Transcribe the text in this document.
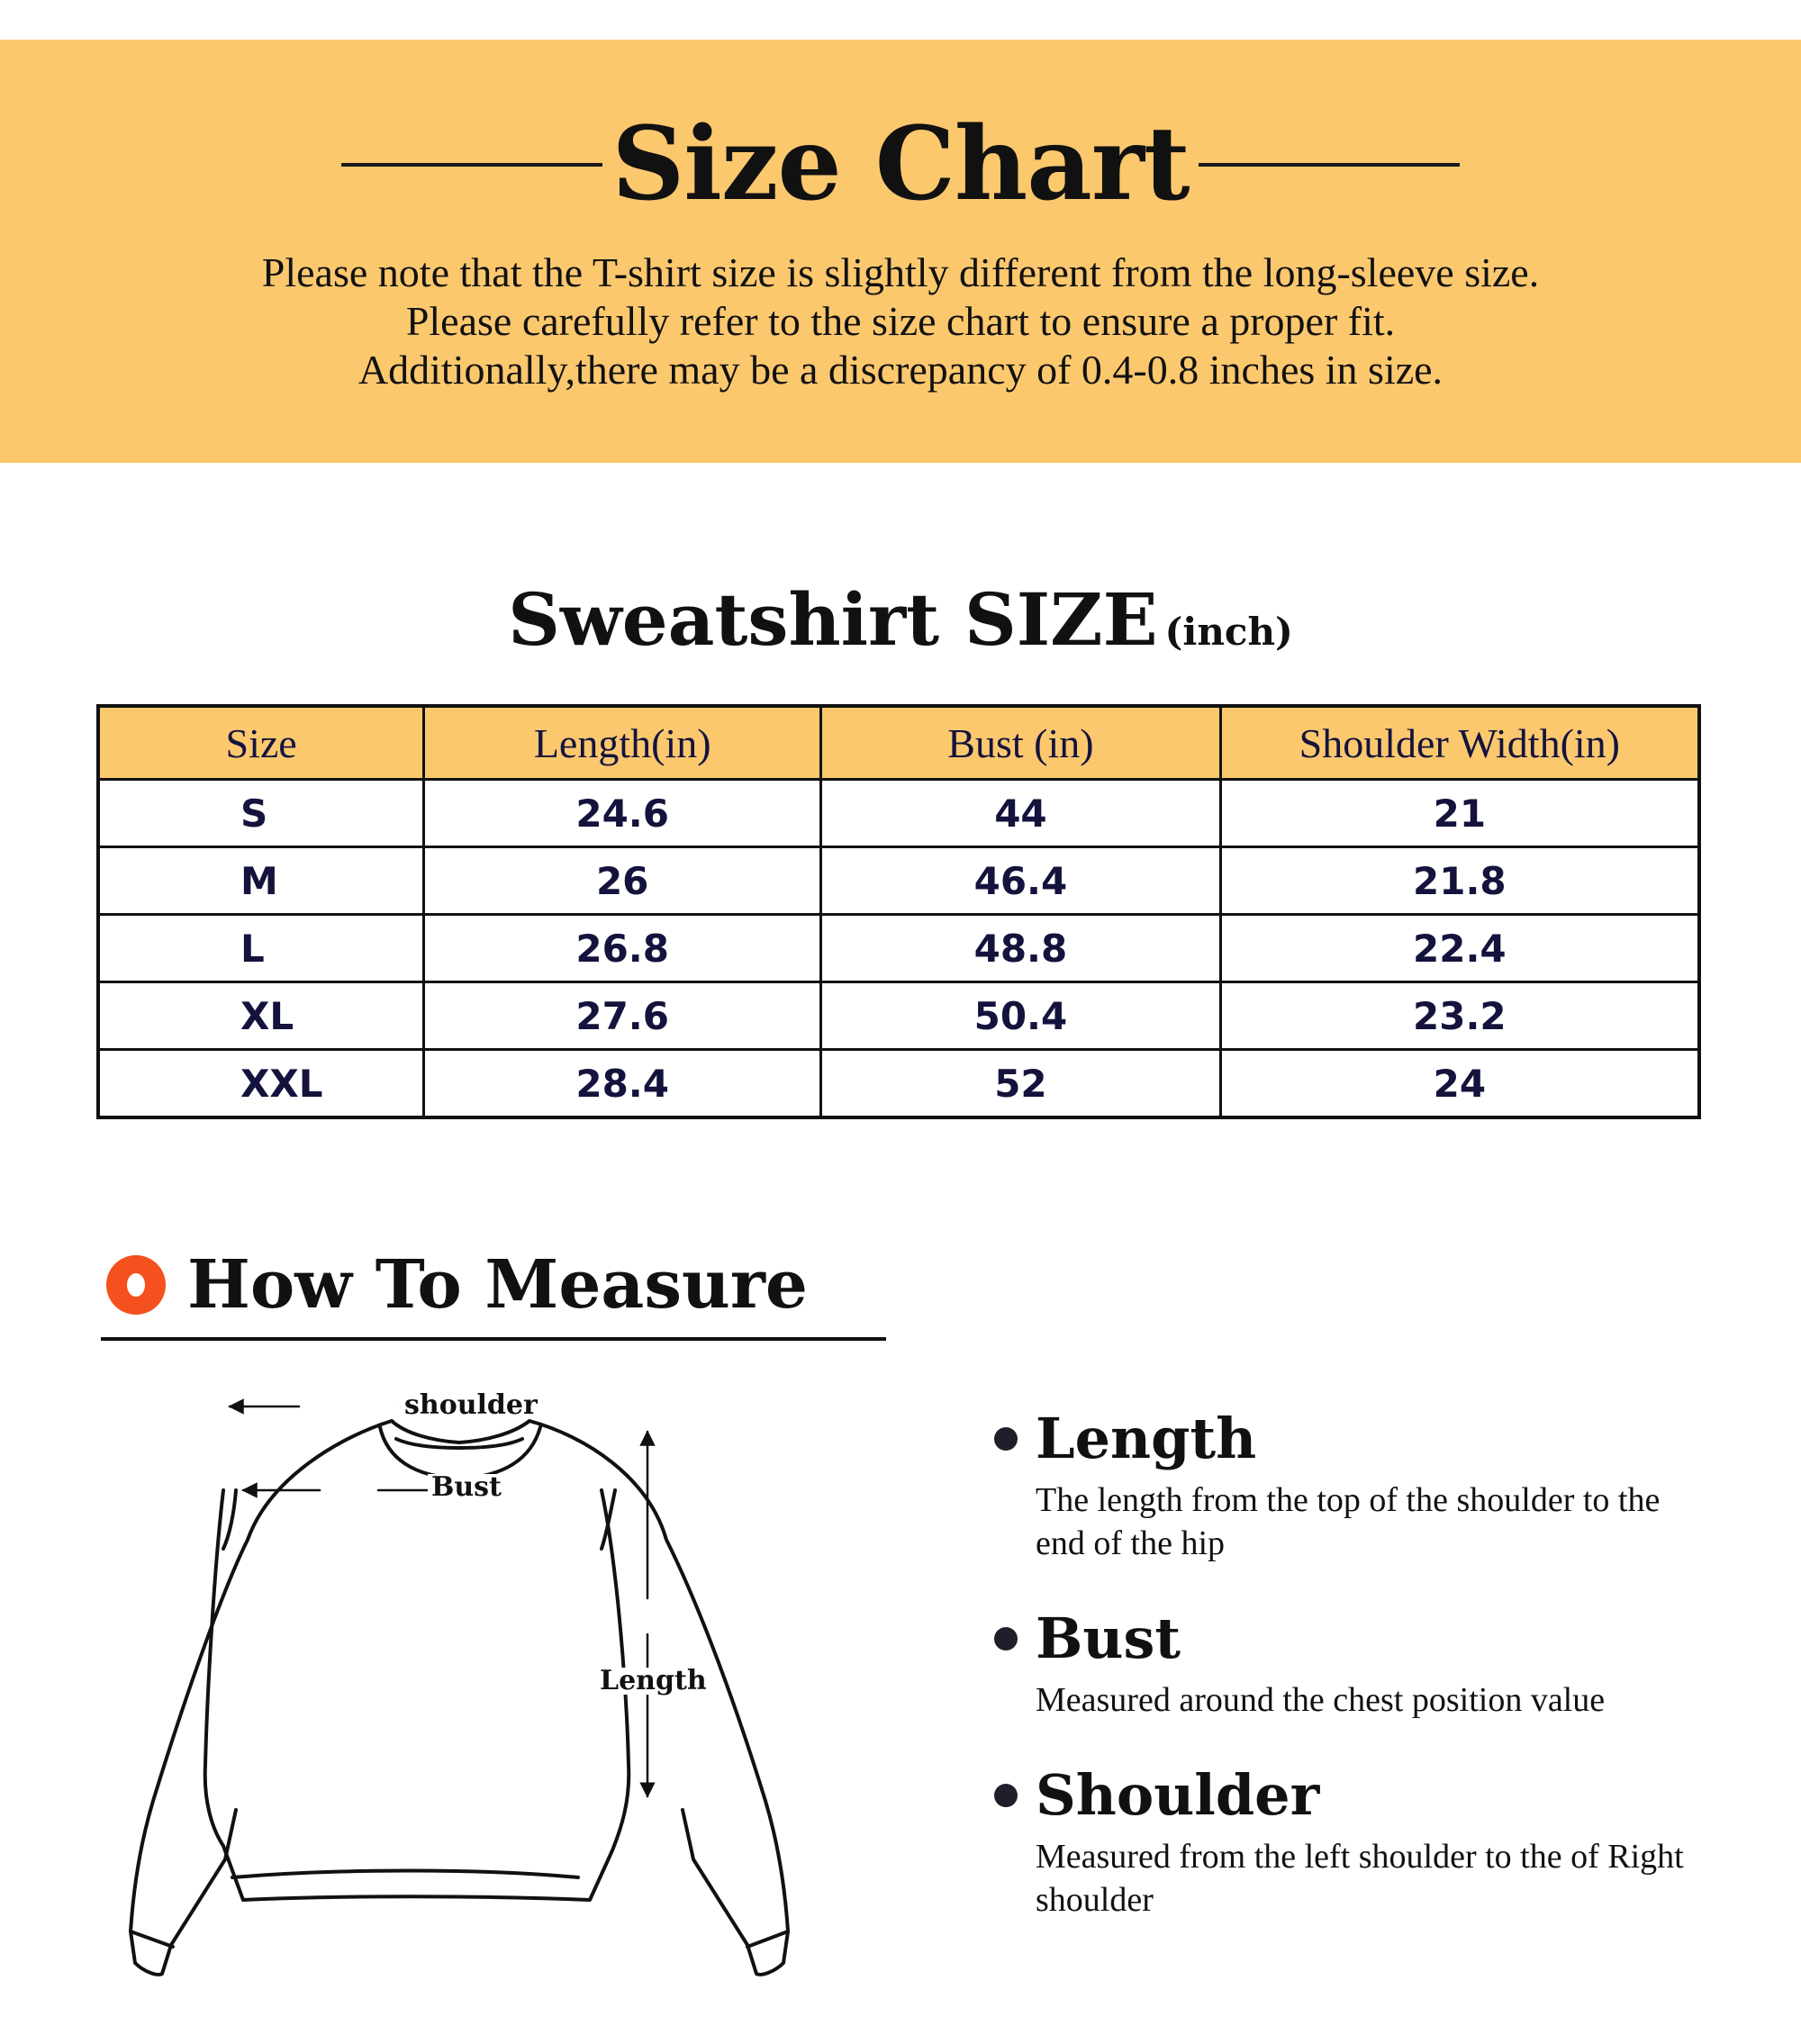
Size Chart
Please note that the T-shirt size is slightly different from the long-sleeve size.
Please carefully refer to the size chart to ensure a proper fit.
Additionally,there may be a discrepancy of 0.4-0.8 inches in size.
Sweatshirt SIZE (inch)
Size	Length(in)	Bust (in)	Shoulder Width(in)
S	24.6	44	21
M	26	46.4	21.8
L	26.8	48.8	22.4
XL	27.6	50.4	23.2
XXL	28.4	52	24
How To Measure
shoulder
Bust
Length
Length

The length from the top of the shoulder to the end of the hip

Bust

Measured around the chest position value

Shoulder

Measured from the left shoulder to the of Right shoulder
